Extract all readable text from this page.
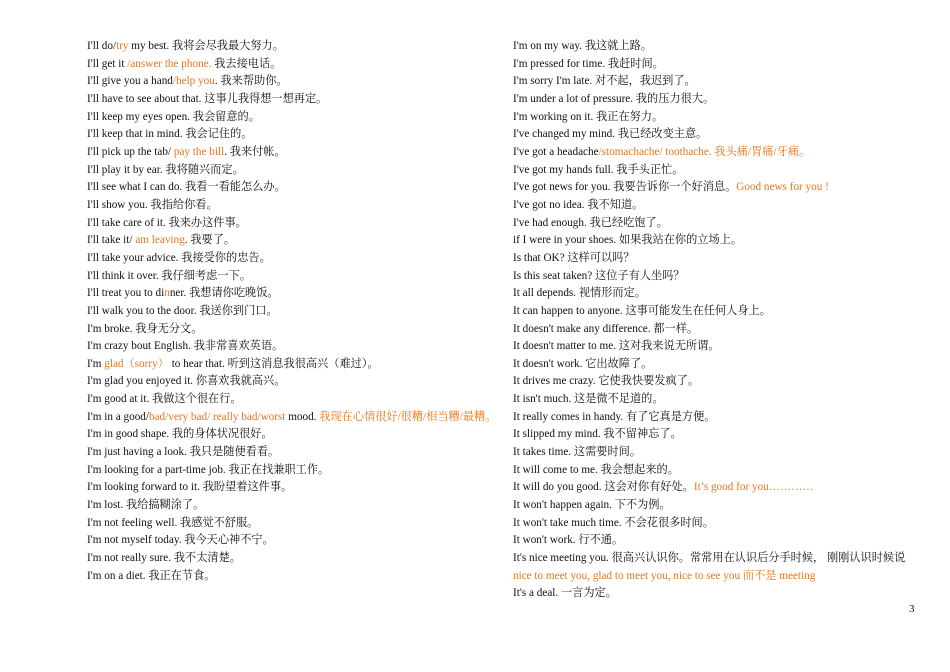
I'll do/try my best. 我将会尽我最大努力。
I'll get it /answer the phone. 我去接电话。
I'll give you a hand/help you. 我来帮助你。
I'll have to see about that. 这事儿我得想一想再定。
I'll keep my eyes open. 我会留意的。
I'll keep that in mind. 我会记住的。
I'll pick up the tab/ pay the bill. 我来付帐。
I'll play it by ear. 我将随兴而定。
I'll see what I can do. 我看一看能怎么办。
I'll show you. 我指给你看。
I'll take care of it. 我来办这件事。
I'll take it/ am leaving. 我要了。
I'll take your advice. 我接受你的忠告。
I'll think it over. 我仔细考虑一下。
I'll treat you to dinner. 我想请你吃晚饭。
I'll walk you to the door. 我送你到门口。
I'm broke. 我身无分文。
I'm crazy bout English. 我非常喜欢英语。
I'm glad（sorry） to hear that. 听到这消息我很高兴（难过）。
I'm glad you enjoyed it. 你喜欢我就高兴。
I'm good at it. 我做这个很在行。
I'm in a good/bad/very bad/ really bad/worst mood. 我现在心情很好/很糟/相当糟/最糟。
I'm in good shape. 我的身体状况很好。
I'm just having a look. 我只是随便看看。
I'm looking for a part-time job. 我正在找兼职工作。
I'm looking forward to it. 我盼望着这件事。
I'm lost. 我给搞糊涂了。
I'm not feeling well. 我感觉不舒服。
I'm not myself today. 我今天心神不宁。
I'm not really sure. 我不太清楚。
I'm on a diet. 我正在节食。
I'm on my way. 我这就上路。
I'm pressed for time. 我赶时间。
I'm sorry I'm late. 对不起，我迟到了。
I'm under a lot of pressure. 我的压力很大。
I'm working on it. 我正在努力。
I've changed my mind. 我已经改变主意。
I've got a headache/stomachache/ toothache. 我头痛/胃痛/牙痛。
I've got my hands full. 我手头正忙。
I've got news for you. 我要告诉你一个好消息。Good news for you !
I've got no idea. 我不知道。
I've had enough. 我已经吃饱了。
if I were in your shoes. 如果我站在你的立场上。
Is that OK? 这样可以吗？
Is this seat taken? 这位子有人坐吗？
It all depends. 视情形而定。
It can happen to anyone. 这事可能发生在任何人身上。
It doesn't make any difference. 都一样。
It doesn't matter to me. 这对我来说无所谓。
It doesn't work. 它出故障了。
It drives me crazy. 它使我快要发疯了。
It isn't much. 这是微不足道的。
It really comes in handy. 有了它真是方便。
It slipped my mind. 我不留神忘了。
It takes time. 这需要时间。
It will come to me. 我会想起来的。
It will do you good. 这会对你有好处。It’s good for you…………
It won't happen again. 下不为例。
It won't take much time. 不会花很多时间。
It won't work. 行不通。
It's nice meeting you. 很高兴认识你。常常用在认识后分手时候， 刚刚认识时候说 nice to meet you, glad to meet you, nice to see you 而不是 meeting
It's a deal. 一言为定。
3
